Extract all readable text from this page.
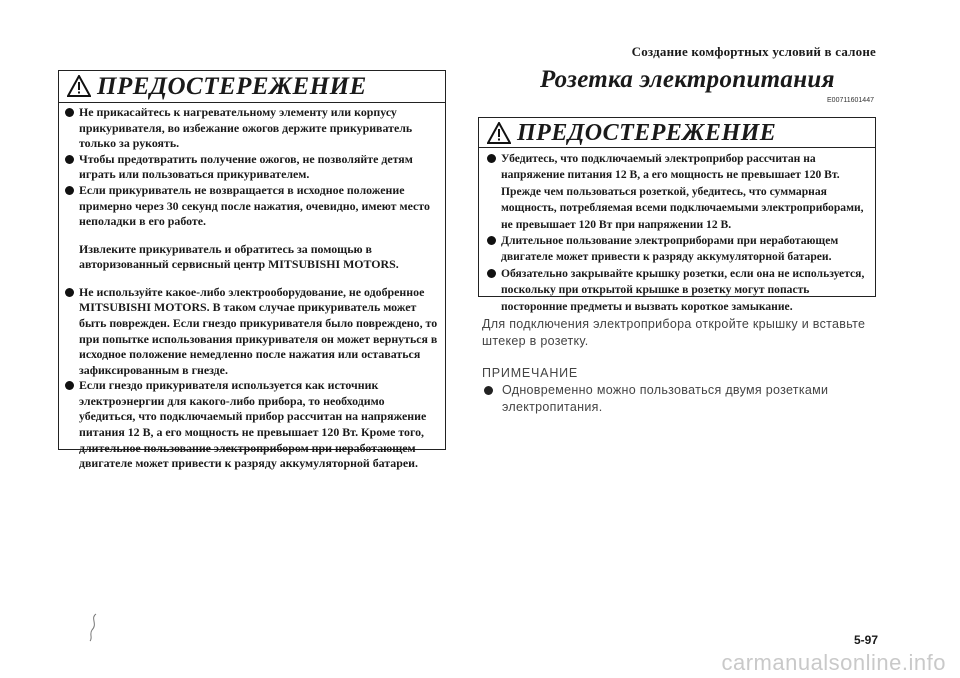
Создание комфортных условий в салоне
ПРЕДОСТЕРЕЖЕНИЕ

Не прикасайтесь к нагревательному элементу или корпусу прикуривателя, во избежание ожогов держите прикуриватель только за рукоять.

Чтобы предотвратить получение ожогов, не позволяйте детям играть или пользоваться прикуривателем.

Если прикуриватель не возвращается в исходное положение примерно через 30 секунд после нажатия, очевидно, имеют место неполадки в его работе.

Извлеките прикуриватель и обратитесь за помощью в авторизованный сервисный центр MITSUBISHI MOTORS.

Не используйте какое-либо электрооборудование, не одобренное MITSUBISHI MOTORS. В таком случае прикуриватель может быть поврежден. Если гнездо прикуривателя было повреждено, то при попытке использования прикуривателя он может вернуться в исходное положение немедленно после нажатия или оставаться зафиксированным в гнезде.

Если гнездо прикуривателя используется как источник электроэнергии для какого-либо прибора, то необходимо убедиться, что подключаемый прибор рассчитан на напряжение питания 12 В, а его мощность не превышает 120 Вт. Кроме того, длительное пользование электроприбором при неработающем двигателе может привести к разряду аккумуляторной батареи.

Розетка электропитания
E00711601447
ПРЕДОСТЕРЕЖЕНИЕ

Убедитесь, что подключаемый электроприбор рассчитан на напряжение питания 12 В, а его мощность не превышает 120 Вт. Прежде чем пользоваться розеткой, убедитесь, что суммарная мощность, потребляемая всеми подключаемыми электроприборами, не превышает 120 Вт при напряжении 12 В.

Длительное пользование электроприборами при неработающем двигателе может привести к разряду аккумуляторной батареи.

Обязательно закрывайте крышку розетки, если она не используется, поскольку при открытой крышке в розетку могут попасть посторонние предметы и вызвать короткое замыкание.

Для подключения электроприбора откройте крышку и вставьте штекер в розетку.
ПРИМЕЧАНИЕ
Одновременно можно пользоваться двумя розетками электропитания.
5-97
carmanualsonline.info
